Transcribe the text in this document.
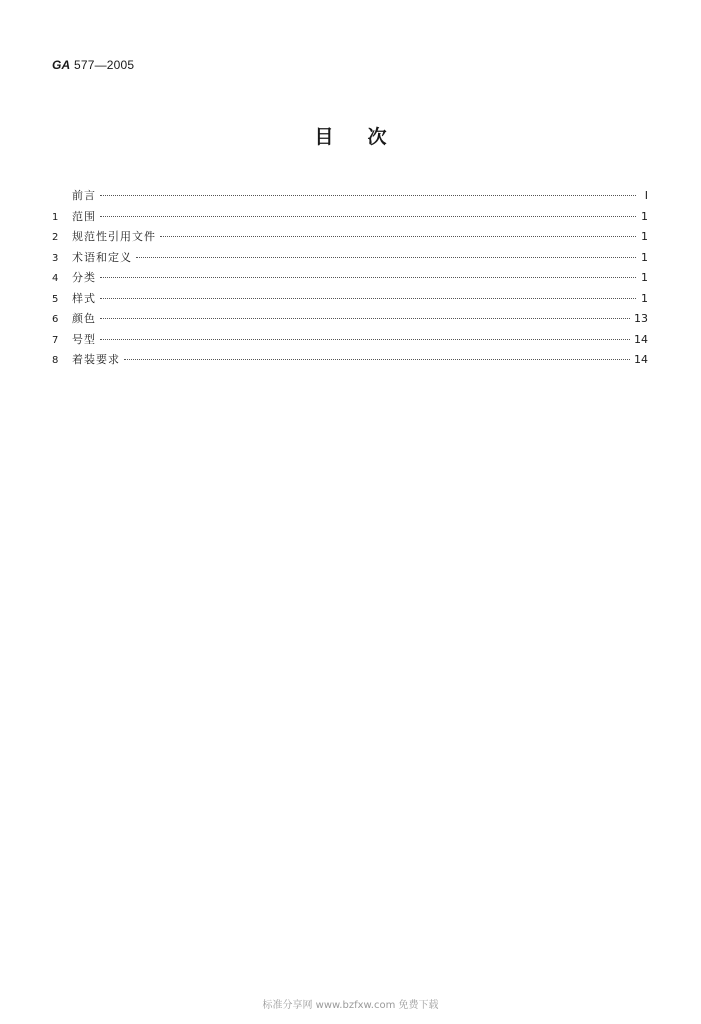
GA 577—2005
目次
前言	I
1	范围	1
2	规范性引用文件	1
3	术语和定义	1
4	分类	1
5	样式	1
6	颜色	13
7	号型	14
8	着装要求	14
标准分享网 www.bzfxw.com 免费下载
